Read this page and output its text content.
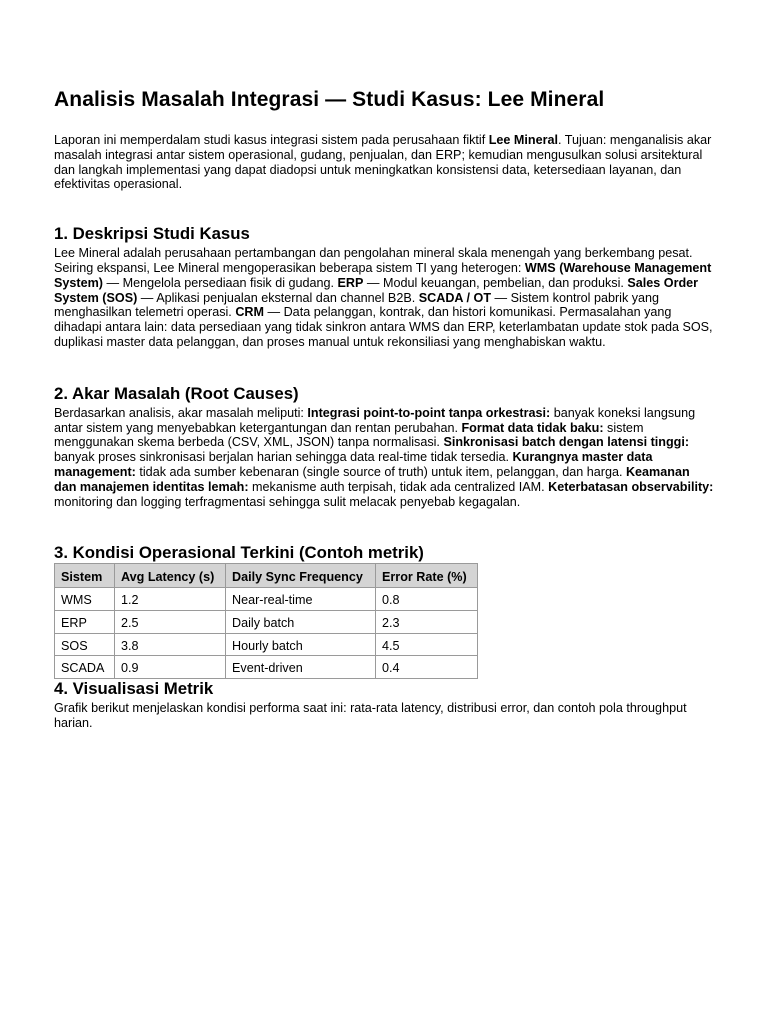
Analisis Masalah Integrasi — Studi Kasus: Lee Mineral

Laporan ini memperdalam studi kasus integrasi sistem pada perusahaan fiktif Lee Mineral. Tujuan: menganalisis akar masalah integrasi antar sistem operasional, gudang, penjualan, dan ERP; kemudian mengusulkan solusi arsitektural dan langkah implementasi yang dapat diadopsi untuk meningkatkan konsistensi data, ketersediaan layanan, dan efektivitas operasional.

1. Deskripsi Studi Kasus

Lee Mineral adalah perusahaan pertambangan dan pengolahan mineral skala menengah yang berkembang pesat. Seiring ekspansi, Lee Mineral mengoperasikan beberapa sistem TI yang heterogen: WMS (Warehouse Management System) — Mengelola persediaan fisik di gudang. ERP — Modul keuangan, pembelian, dan produksi. Sales Order System (SOS) — Aplikasi penjualan eksternal dan channel B2B. SCADA / OT — Sistem kontrol pabrik yang menghasilkan telemetri operasi. CRM — Data pelanggan, kontrak, dan histori komunikasi. Permasalahan yang dihadapi antara lain: data persediaan yang tidak sinkron antara WMS dan ERP, keterlambatan update stok pada SOS, duplikasi master data pelanggan, dan proses manual untuk rekonsiliasi yang menghabiskan waktu.

2. Akar Masalah (Root Causes)

Berdasarkan analisis, akar masalah meliputi: Integrasi point-to-point tanpa orkestrasi: banyak koneksi langsung antar sistem yang menyebabkan ketergantungan dan rentan perubahan. Format data tidak baku: sistem menggunakan skema berbeda (CSV, XML, JSON) tanpa normalisasi. Sinkronisasi batch dengan latensi tinggi: banyak proses sinkronisasi berjalan harian sehingga data real-time tidak tersedia. Kurangnya master data management: tidak ada sumber kebenaran (single source of truth) untuk item, pelanggan, dan harga. Keamanan dan manajemen identitas lemah: mekanisme auth terpisah, tidak ada centralized IAM. Keterbatasan observability: monitoring dan logging terfragmentasi sehingga sulit melacak penyebab kegagalan.

3. Kondisi Operasional Terkini (Contoh metrik)
Sistem	Avg Latency (s)	Daily Sync Frequency	Error Rate (%)
WMS	1.2	Near-real-time	0.8
ERP	2.5	Daily batch	2.3
SOS	3.8	Hourly batch	4.5
SCADA	0.9	Event-driven	0.4
4. Visualisasi Metrik

Grafik berikut menjelaskan kondisi performa saat ini: rata-rata latency, distribusi error, dan contoh pola throughput harian.
